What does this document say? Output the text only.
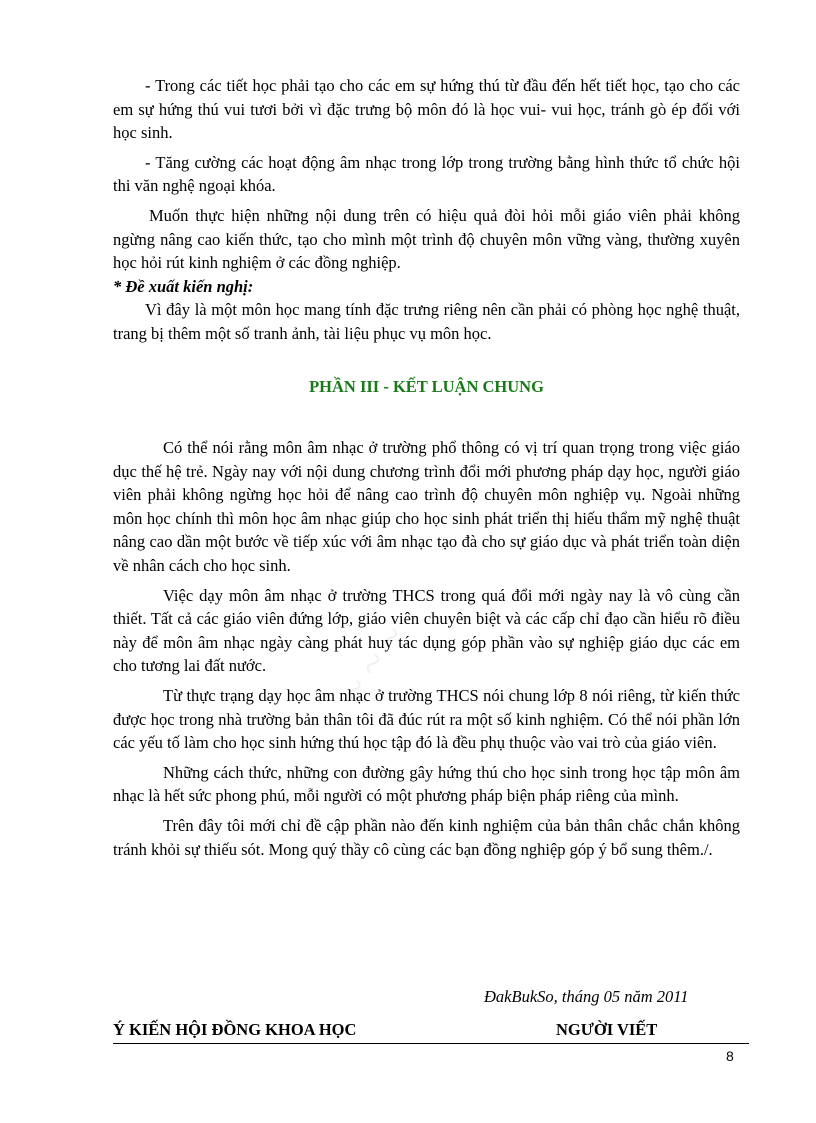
- Trong các tiết học phải tạo cho các em sự hứng thú từ đầu đến hết tiết học, tạo cho các em sự hứng thú vui tươi bởi vì đặc trưng bộ môn đó là học vui- vui học, tránh gò ép đối với học sinh.

- Tăng cường các hoạt động âm nhạc trong lớp trong trường bằng hình thức tổ chức hội thi văn nghệ ngoại khóa.

Muốn thực hiện những nội dung trên có hiệu quả đòi hỏi mỗi giáo viên phải không ngừng nâng cao kiến thức, tạo cho mình một trình độ chuyên môn vững vàng, thường xuyên học hỏi rút kinh nghiệm ở các đồng nghiệp.

* Đề xuất kiến nghị:

Vì đây là một môn học mang tính đặc trưng riêng nên cần phải có phòng học nghệ thuật, trang bị thêm một số tranh ảnh, tài liệu phục vụ môn học.

PHẦN III - KẾT LUẬN CHUNG

Có thể nói rằng môn âm nhạc ở trường phổ thông có vị trí quan trọng trong việc giáo dục thế hệ trẻ. Ngày nay với nội dung chương trình đổi mới phương pháp dạy học, người giáo viên phải không ngừng học hỏi để nâng cao trình độ chuyên môn nghiệp vụ. Ngoài những môn học chính thì môn học âm nhạc giúp cho học sinh phát triển thị hiếu thẩm mỹ nghệ thuật nâng cao dần một bước về tiếp xúc với âm nhạc tạo đà cho sự giáo dục và phát triển toàn diện về nhân cách cho học sinh.

Việc dạy môn âm nhạc ở trường THCS trong quá đổi mới ngày nay là vô cùng cần thiết. Tất cả các giáo viên đứng lớp, giáo viên chuyên biệt và các cấp chỉ đạo cần hiểu rõ điều này để môn âm nhạc ngày càng phát huy tác dụng góp phần vào sự nghiệp giáo dục các em cho tương lai đất nước.

Từ thực trạng dạy học âm nhạc ở trường THCS nói chung lớp 8 nói riêng, từ kiến thức được học trong nhà trường bản thân tôi đã đúc rút ra một số kinh nghiệm. Có thể nói phần lớn các yếu tố làm cho học sinh hứng thú học tập đó là đều phụ thuộc vào vai trò của giáo viên.

Những cách thức, những con đường gây hứng thú cho học sinh trong học tập môn âm nhạc là hết sức phong phú, mỗi người có một phương pháp biện pháp riêng của mình.

Trên đây tôi mới chỉ đề cập phần nào đến kinh nghiệm của bản thân chắc chắn không tránh khỏi sự thiếu sót. Mong quý thầy cô cùng các bạn đồng nghiệp góp ý bổ sung thêm./.

~ ~ ~
ĐakBukSo, tháng 05 năm 2011
Ý KIẾN HỘI ĐỒNG KHOA HỌC	NGƯỜI VIẾT
8
